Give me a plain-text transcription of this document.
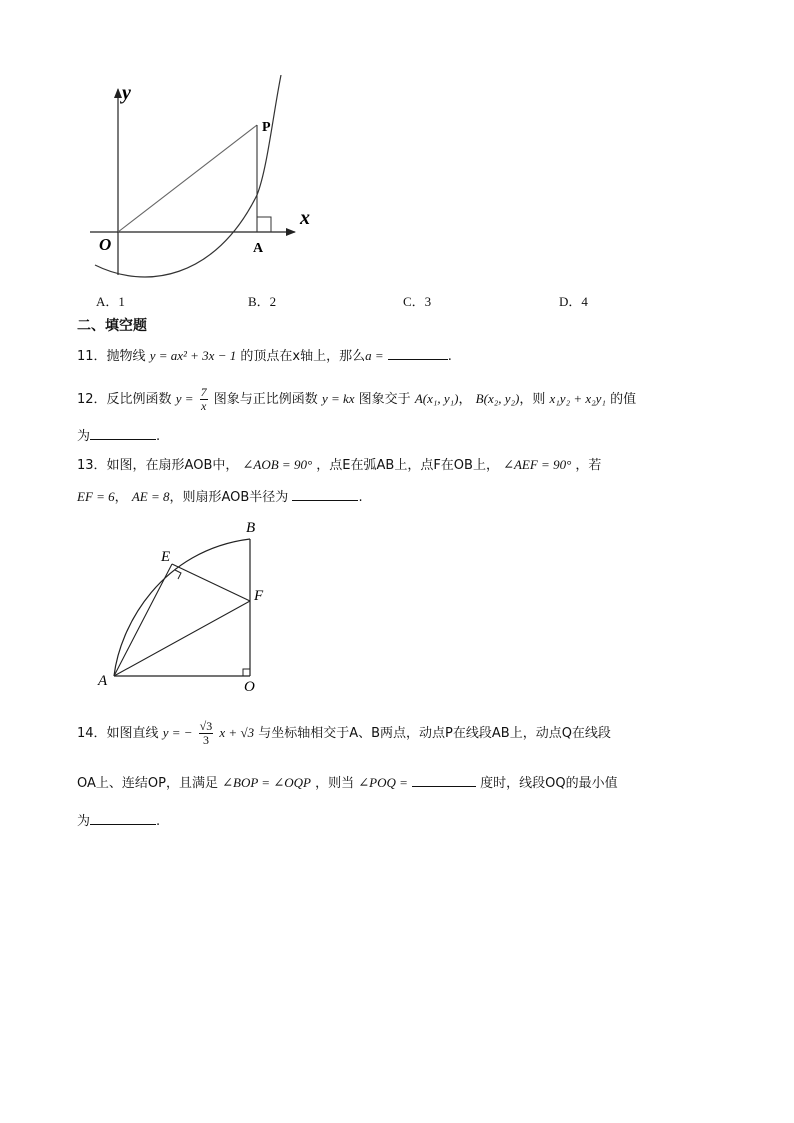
y
x
O
P
A
A．1	B．2	C．3	D．4
二、填空题
11．抛物线 y = ax² + 3x − 1 的顶点在x轴上，那么a =	.
12．反比例函数 $y = \frac{7}{x}$ 图象与正比例函数 y = kx 图象交于 A(x₁, y₁)， B(x₂, y₂)，则 x₁y₂ + x₂y₁ 的值
为	.
13．如图，在扇形AOB中， ∠AOB = 90° ，点E在弧AB上，点F在OB上， ∠AEF = 90° ，若
EF = 6， AE = 8，则扇形AOB半径为	.
A
B
E
F
O
14．如图直线 y = − $\frac{√3}{3}$ x + √3 与坐标轴相交于A、B两点，动点P在线段AB上，动点Q在线段
OA上、连结OP，且满足 ∠BOP = ∠OQP ，则当 ∠POQ =	度时，线段OQ的最小值
为	.
